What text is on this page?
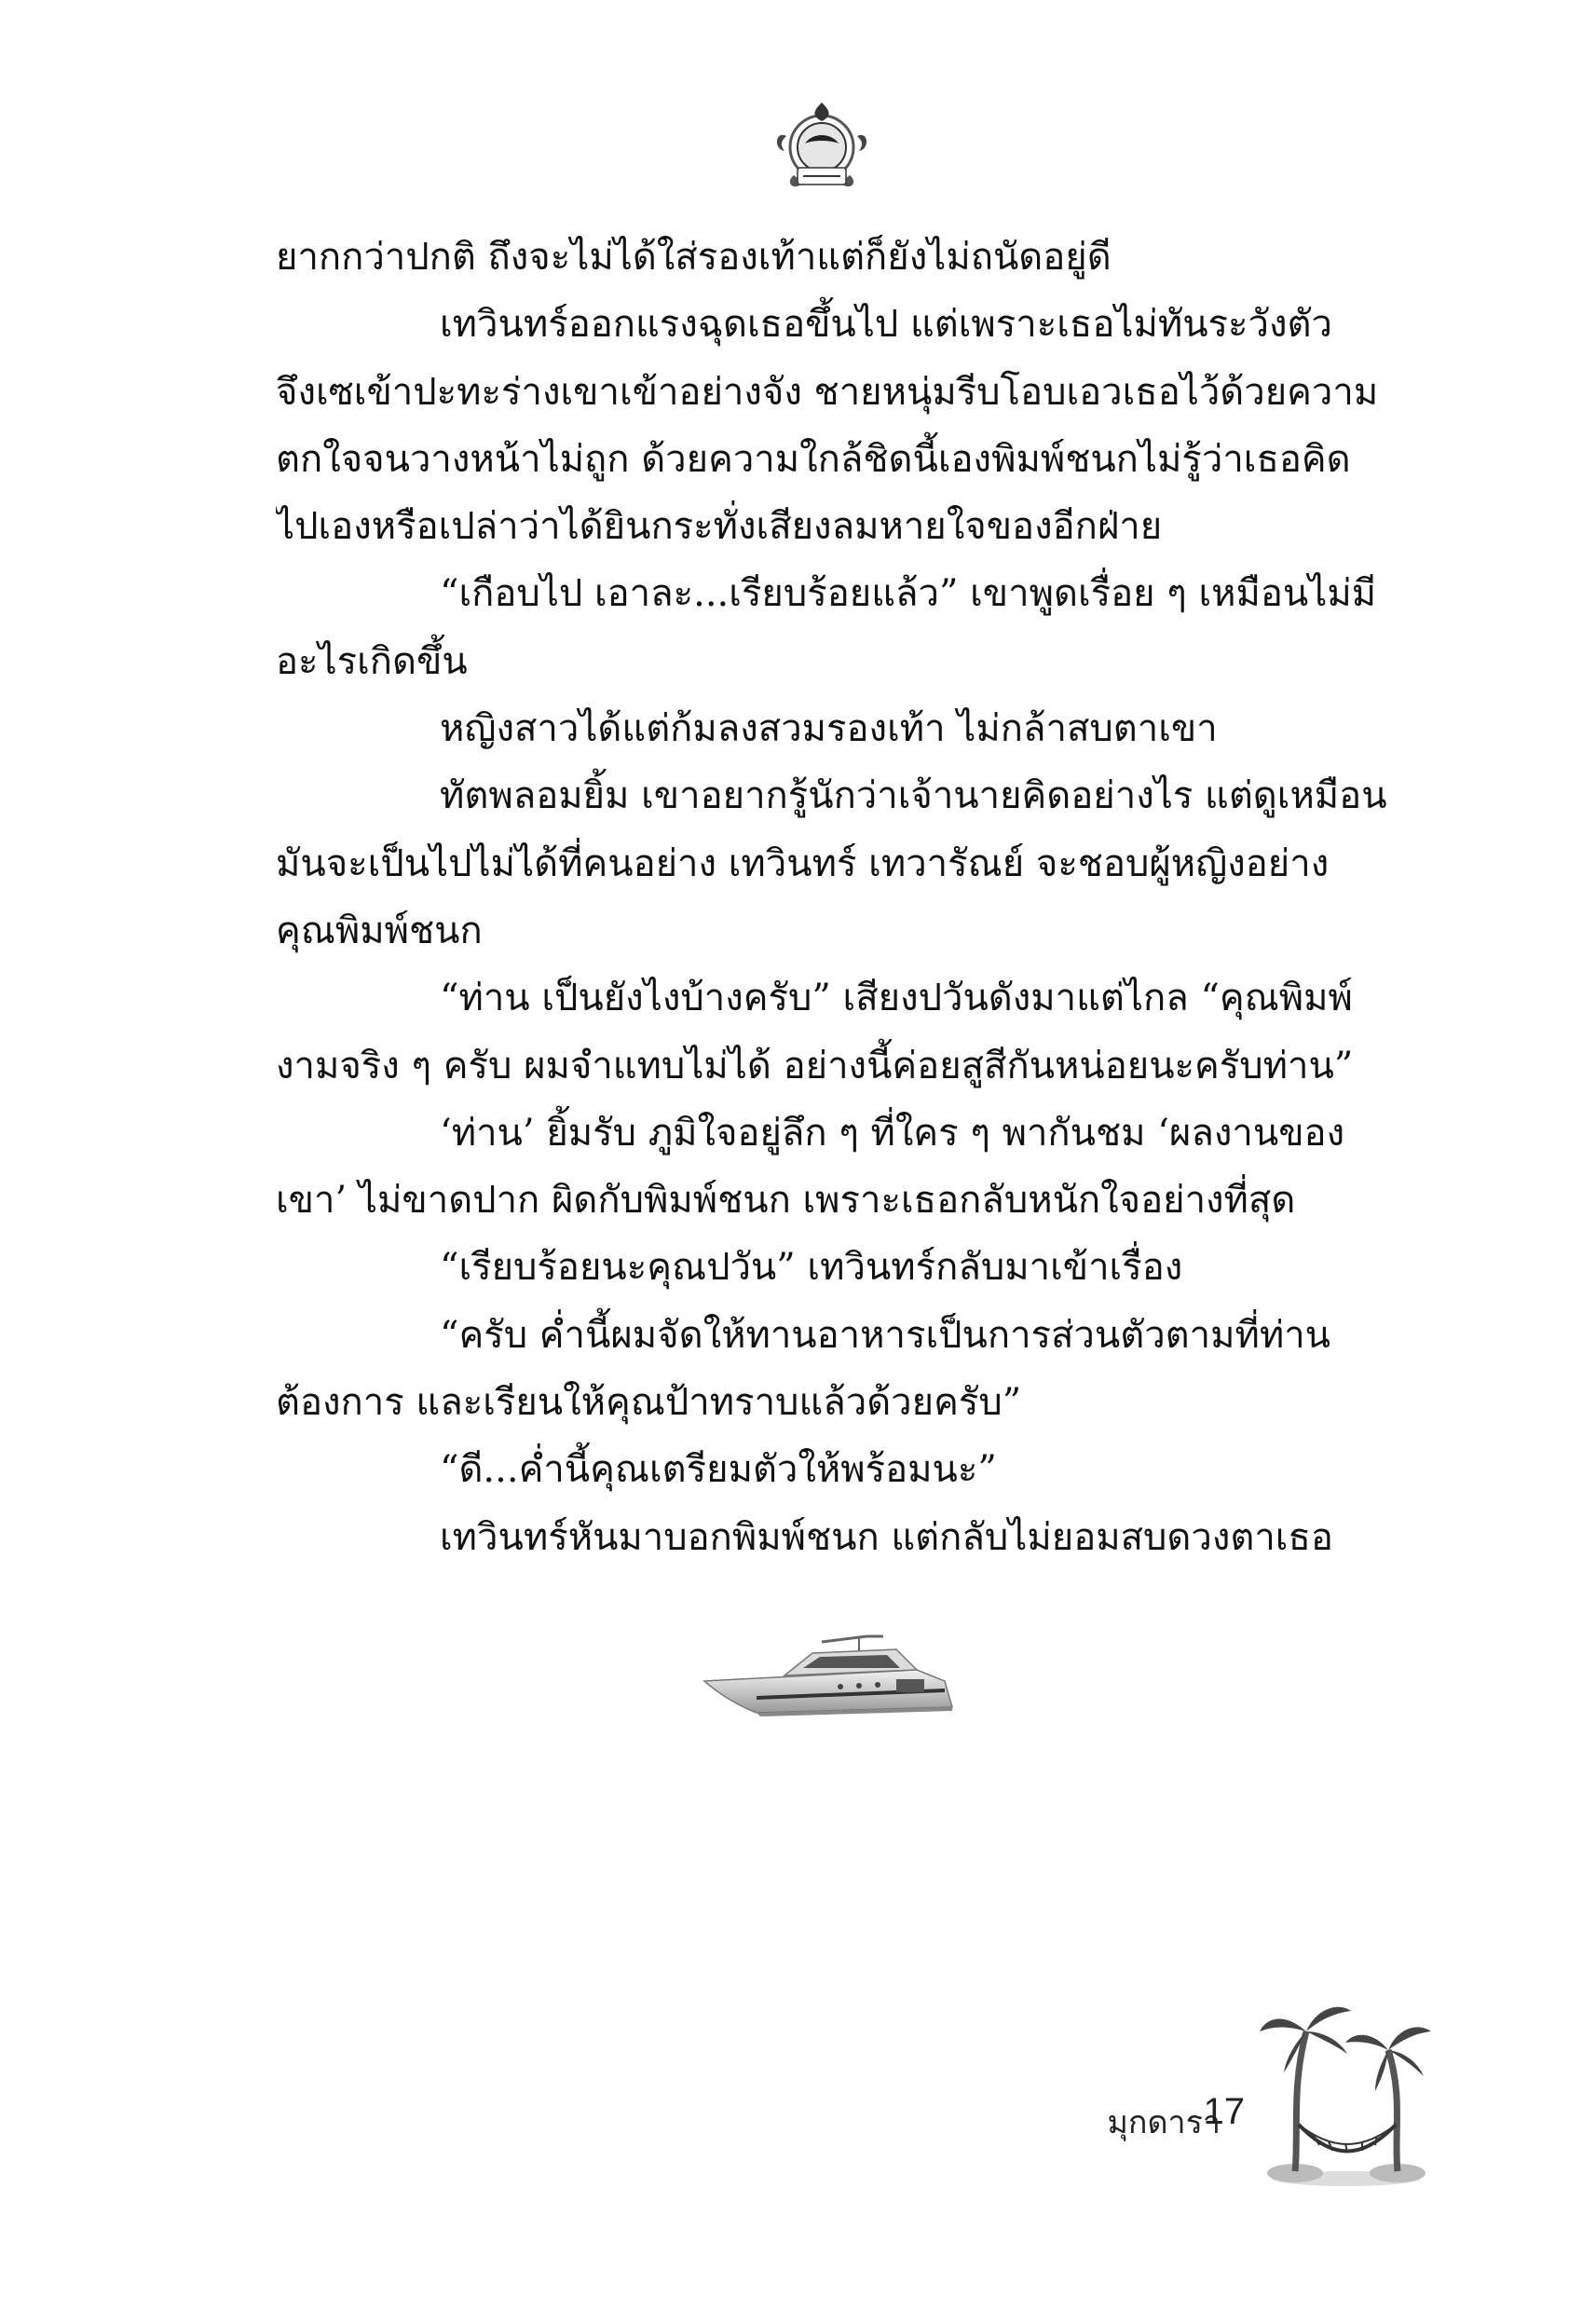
ยากกว่าปกติ ถึงจะไม่ได้ใส่รองเท้าแต่ก็ยังไม่ถนัดอยู่ดี
เทวินทร์ออกแรงฉุดเธอขึ้นไป แต่เพราะเธอไม่ทันระวังตัว
จึงเซเข้าปะทะร่างเขาเข้าอย่างจัง ชายหนุ่มรีบโอบเอวเธอไว้ด้วยความ
ตกใจจนวางหน้าไม่ถูก ด้วยความใกล้ชิดนี้เองพิมพ์ชนกไม่รู้ว่าเธอคิด
ไปเองหรือเปล่าว่าได้ยินกระทั่งเสียงลมหายใจของอีกฝ่าย
“เกือบไป เอาละ...เรียบร้อยแล้ว” เขาพูดเรื่อย ๆ เหมือนไม่มี
อะไรเกิดขึ้น
หญิงสาวได้แต่ก้มลงสวมรองเท้า ไม่กล้าสบตาเขา
ทัตพลอมยิ้ม เขาอยากรู้นักว่าเจ้านายคิดอย่างไร แต่ดูเหมือน
มันจะเป็นไปไม่ได้ที่คนอย่าง เทวินทร์ เทวารัณย์ จะชอบผู้หญิงอย่าง
คุณพิมพ์ชนก
“ท่าน เป็นยังไงบ้างครับ” เสียงปวันดังมาแต่ไกล “คุณพิมพ์
งามจริง ๆ ครับ ผมจำแทบไม่ได้ อย่างนี้ค่อยสูสีกันหน่อยนะครับท่าน”
‘ท่าน’ ยิ้มรับ ภูมิใจอยู่ลึก ๆ ที่ใคร ๆ พากันชม ‘ผลงานของ
เขา’ ไม่ขาดปาก ผิดกับพิมพ์ชนก เพราะเธอกลับหนักใจอย่างที่สุด
“เรียบร้อยนะคุณปวัน” เทวินทร์กลับมาเข้าเรื่อง
“ครับ ค่ำนี้ผมจัดให้ทานอาหารเป็นการส่วนตัวตามที่ท่าน
ต้องการ และเรียนให้คุณป้าทราบแล้วด้วยครับ”
“ดี...ค่ำนี้คุณเตรียมตัวให้พร้อมนะ”
เทวินทร์หันมาบอกพิมพ์ชนก แต่กลับไม่ยอมสบดวงตาเธอ
มุกดารา
17
